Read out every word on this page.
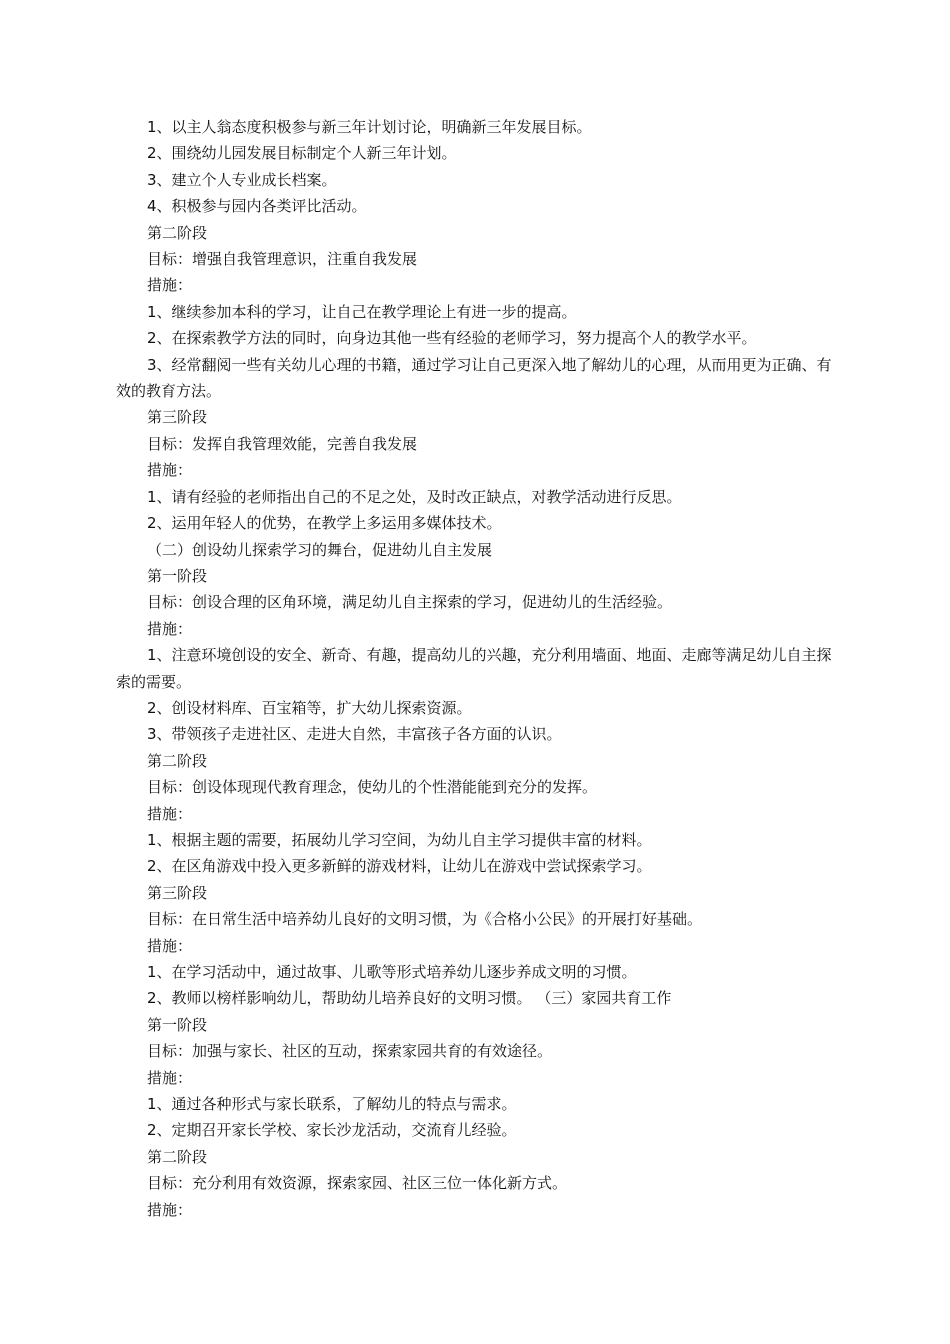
1、以主人翁态度积极参与新三年计划讨论，明确新三年发展目标。
2、围绕幼儿园发展目标制定个人新三年计划。
3、建立个人专业成长档案。
4、积极参与园内各类评比活动。
第二阶段
目标：增强自我管理意识，注重自我发展
措施：
1、继续参加本科的学习，让自己在教学理论上有进一步的提高。
2、在探索教学方法的同时，向身边其他一些有经验的老师学习，努力提高个人的教学水平。
3、经常翻阅一些有关幼儿心理的书籍，通过学习让自己更深入地了解幼儿的心理，从而用更为正确、有效的教育方法。
第三阶段
目标：发挥自我管理效能，完善自我发展
措施：
1、请有经验的老师指出自己的不足之处，及时改正缺点，对教学活动进行反思。
2、运用年轻人的优势，在教学上多运用多媒体技术。
（二）创设幼儿探索学习的舞台，促进幼儿自主发展
第一阶段
目标：创设合理的区角环境，满足幼儿自主探索的学习，促进幼儿的生活经验。
措施：
1、注意环境创设的安全、新奇、有趣，提高幼儿的兴趣，充分利用墙面、地面、走廊等满足幼儿自主探索的需要。
2、创设材料库、百宝箱等，扩大幼儿探索资源。
3、带领孩子走进社区、走进大自然，丰富孩子各方面的认识。
第二阶段
目标：创设体现现代教育理念，使幼儿的个性潜能能到充分的发挥。
措施：
1、根据主题的需要，拓展幼儿学习空间，为幼儿自主学习提供丰富的材料。
2、在区角游戏中投入更多新鲜的游戏材料，让幼儿在游戏中尝试探索学习。
第三阶段
目标：在日常生活中培养幼儿良好的文明习惯，为《合格小公民》的开展打好基础。
措施：
1、在学习活动中，通过故事、儿歌等形式培养幼儿逐步养成文明的习惯。
2、教师以榜样影响幼儿，帮助幼儿培养良好的文明习惯。 （三）家园共育工作
第一阶段
目标：加强与家长、社区的互动，探索家园共育的有效途径。
措施：
1、通过各种形式与家长联系，了解幼儿的特点与需求。
2、定期召开家长学校、家长沙龙活动，交流育儿经验。
第二阶段
目标：充分利用有效资源，探索家园、社区三位一体化新方式。
措施：
